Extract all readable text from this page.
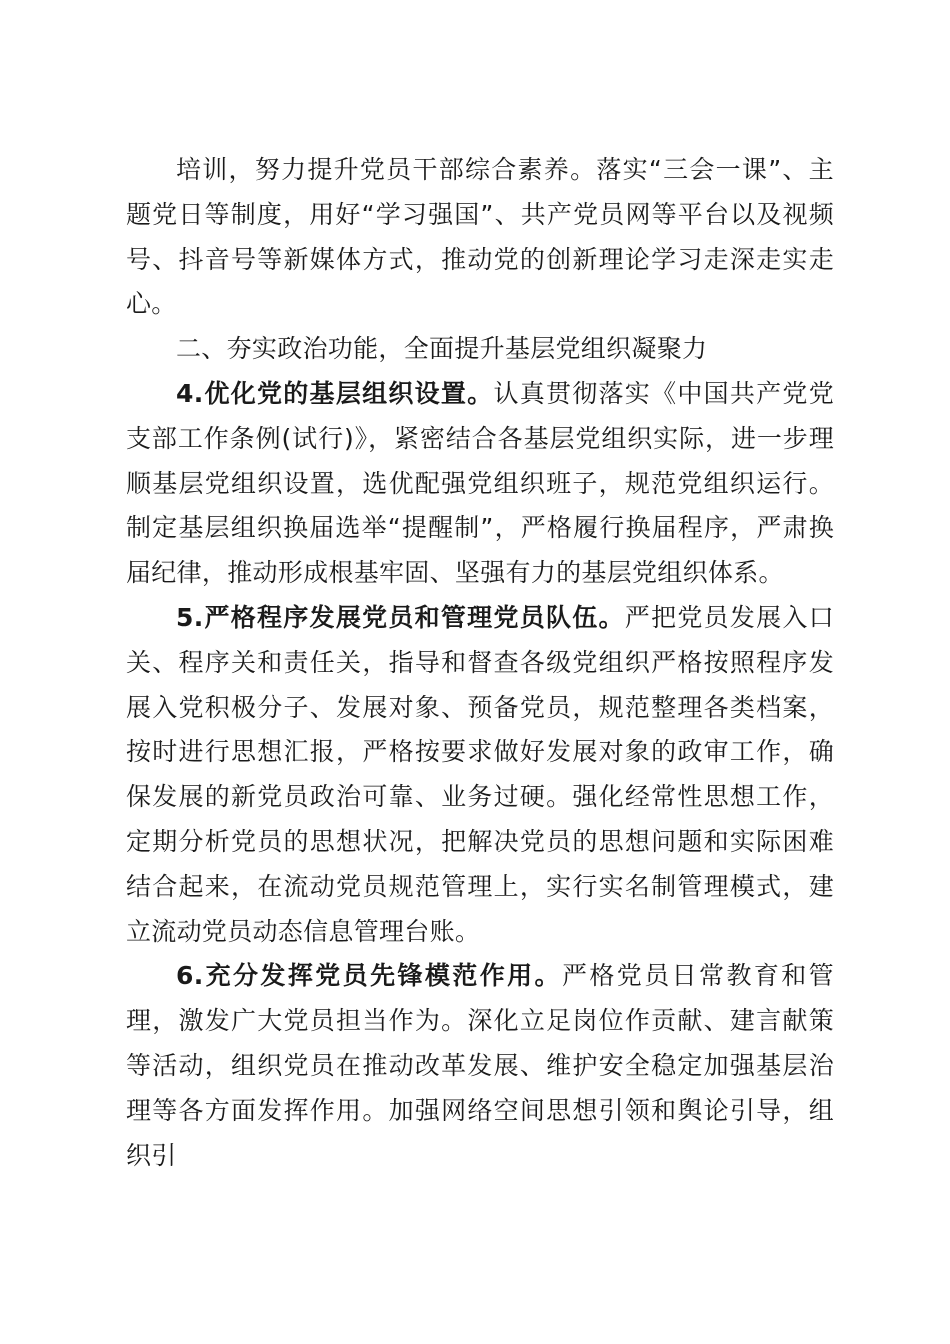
培训，努力提升党员干部综合素养。落实“三会一课”、主题党日等制度，用好“学习强国”、共产党员网等平台以及视频号、抖音号等新媒体方式，推动党的创新理论学习走深走实走心。

二、夯实政治功能，全面提升基层党组织凝聚力

4.优化党的基层组织设置。认真贯彻落实《中国共产党党支部工作条例(试行)》，紧密结合各基层党组织实际，进一步理顺基层党组织设置，选优配强党组织班子，规范党组织运行。制定基层组织换届选举“提醒制”，严格履行换届程序，严肃换届纪律，推动形成根基牢固、坚强有力的基层党组织体系。

5.严格程序发展党员和管理党员队伍。严把党员发展入口关、程序关和责任关，指导和督查各级党组织严格按照程序发展入党积极分子、发展对象、预备党员，规范整理各类档案，按时进行思想汇报，严格按要求做好发展对象的政审工作，确保发展的新党员政治可靠、业务过硬。强化经常性思想工作，定期分析党员的思想状况，把解决党员的思想问题和实际困难结合起来，在流动党员规范管理上，实行实名制管理模式，建立流动党员动态信息管理台账。

6.充分发挥党员先锋模范作用。严格党员日常教育和管理，激发广大党员担当作为。深化立足岗位作贡献、建言献策等活动，组织党员在推动改革发展、维护安全稳定加强基层治理等各方面发挥作用。加强网络空间思想引领和舆论引导，组织引
